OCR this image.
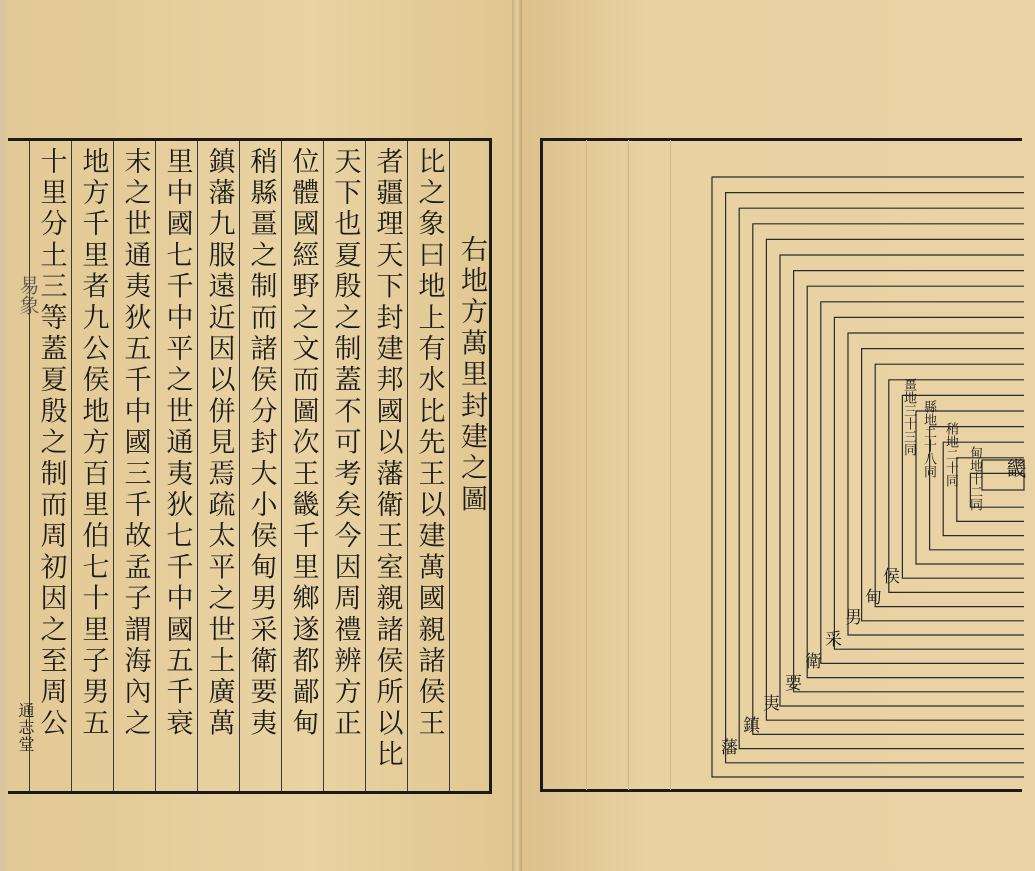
易象	右地方萬里封建之圖
比之象曰地上有水比先王以建萬國親諸侯王
者疆理天下封建邦國以藩衛王室親諸侯所以比
天下也夏殷之制蓋不可考矣今因周禮辨方正
位體國經野之文而圖次王畿千里鄉遂都鄙甸
稍縣畺之制而諸侯分封大小侯甸男采衛要夷
鎮藩九服遠近因以併見焉疏太平之世土廣萬
里中國七千中平之世通夷狄七千中國五千衰
末之世通夷狄五千中國三千故孟子謂海內之
地方千里者九公侯地方百里伯七十里子男五
十里分土三等蓋夏殷之制而周初因之至周公
通志堂
畿
甸地十二同
稍地二十同
縣地二十八同
畺地三十三同
侯
甸
男
采
衛
要
夷
鎮
藩
